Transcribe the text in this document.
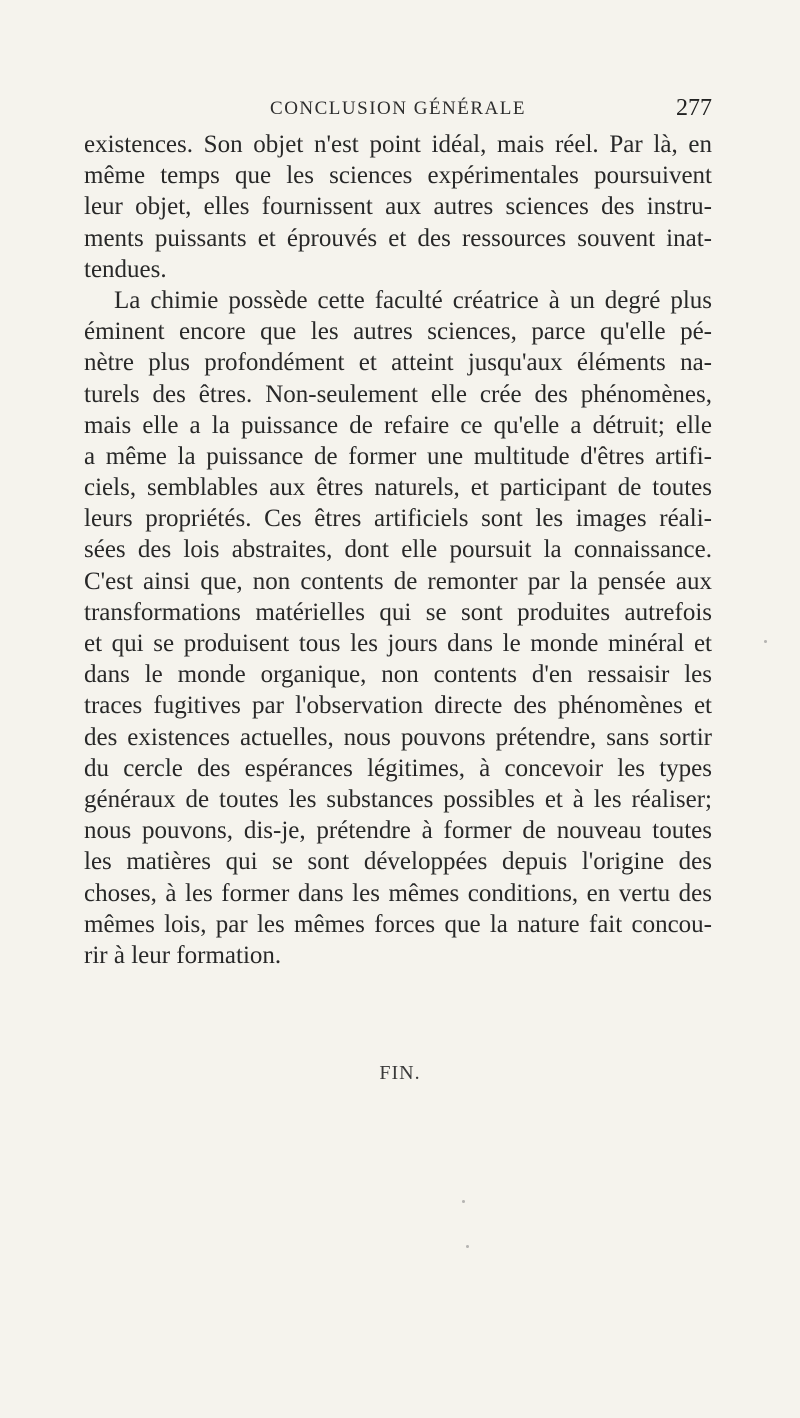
CONCLUSION GÉNÉRALE	277
existences. Son objet n'est point idéal, mais réel. Par là, en
même temps que les sciences expérimentales poursuivent
leur objet, elles fournissent aux autres sciences des instru-
ments puissants et éprouvés et des ressources souvent inat-
tendues.
La chimie possède cette faculté créatrice à un degré plus
éminent encore que les autres sciences, parce qu'elle pé-
nètre plus profondément et atteint jusqu'aux éléments na-
turels des êtres. Non-seulement elle crée des phénomènes,
mais elle a la puissance de refaire ce qu'elle a détruit; elle
a même la puissance de former une multitude d'êtres artifi-
ciels, semblables aux êtres naturels, et participant de toutes
leurs propriétés. Ces êtres artificiels sont les images réali-
sées des lois abstraites, dont elle poursuit la connaissance.
C'est ainsi que, non contents de remonter par la pensée aux
transformations matérielles qui se sont produites autrefois
et qui se produisent tous les jours dans le monde minéral et
dans le monde organique, non contents d'en ressaisir les
traces fugitives par l'observation directe des phénomènes et
des existences actuelles, nous pouvons prétendre, sans sortir
du cercle des espérances légitimes, à concevoir les types
généraux de toutes les substances possibles et à les réaliser;
nous pouvons, dis-je, prétendre à former de nouveau toutes
les matières qui se sont développées depuis l'origine des
choses, à les former dans les mêmes conditions, en vertu des
mêmes lois, par les mêmes forces que la nature fait concou-
rir à leur formation.
FIN.
